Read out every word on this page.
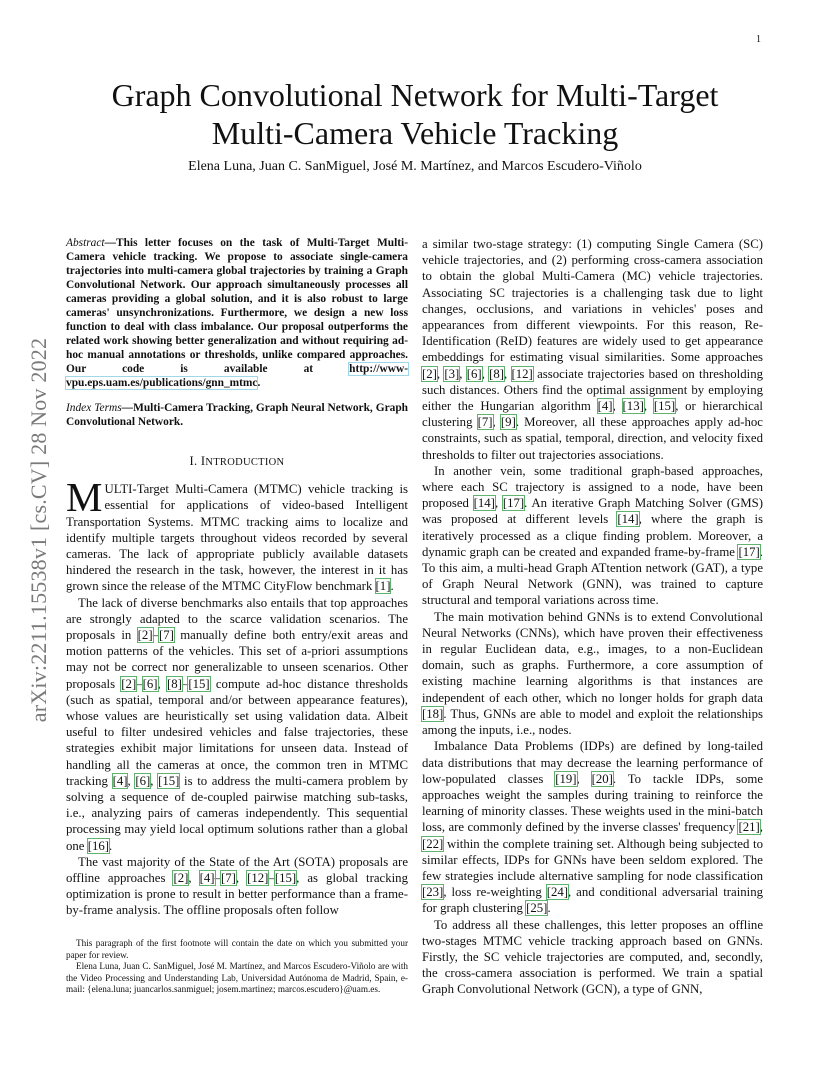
1
arXiv:2211.15538v1 [cs.CV] 28 Nov 2022
Graph Convolutional Network for Multi-Target
Multi-Camera Vehicle Tracking
Elena Luna, Juan C. SanMiguel, José M. Martínez, and Marcos Escudero-Viñolo

Abstract—This letter focuses on the task of Multi-Target Multi-Camera vehicle tracking. We propose to associate single-camera trajectories into multi-camera global trajectories by training a Graph Convolutional Network. Our approach simultaneously processes all cameras providing a global solution, and it is also robust to large cameras' unsynchronizations. Furthermore, we design a new loss function to deal with class imbalance. Our proposal outperforms the related work showing better generalization and without requiring ad-hoc manual annotations or thresholds, unlike compared approaches. Our code is available at http://www-vpu.eps.uam.es/publications/gnn_mtmc.

Index Terms—Multi-Camera Tracking, Graph Neural Network, Graph Convolutional Network.

I. INTRODUCTION

MULTI-Target Multi-Camera (MTMC) vehicle tracking is essential for applications of video-based Intelligent Transportation Systems. MTMC tracking aims to localize and identify multiple targets throughout videos recorded by several cameras. The lack of appropriate publicly available datasets hindered the research in the task, however, the interest in it has grown since the release of the MTMC CityFlow benchmark [1].

The lack of diverse benchmarks also entails that top approaches are strongly adapted to the scarce validation scenarios. The proposals in [2]–[7] manually define both entry/exit areas and motion patterns of the vehicles. This set of a-priori assumptions may not be correct nor generalizable to unseen scenarios. Other proposals [2]–[6], [8]–[15] compute ad-hoc distance thresholds (such as spatial, temporal and/or between appearance features), whose values are heuristically set using validation data. Albeit useful to filter undesired vehicles and false trajectories, these strategies exhibit major limitations for unseen data. Instead of handling all the cameras at once, the common tren in MTMC tracking [4], [6], [15] is to address the multi-camera problem by solving a sequence of de-coupled pairwise matching sub-tasks, i.e., analyzing pairs of cameras independently. This sequential processing may yield local optimum solutions rather than a global one [16].

The vast majority of the State of the Art (SOTA) proposals are offline approaches [2], [4]–[7], [12]–[15], as global tracking optimization is prone to result in better performance than a frame-by-frame analysis. The offline proposals often follow

This paragraph of the first footnote will contain the date on which you submitted your paper for review.

Elena Luna, Juan C. SanMiguel, José M. Martínez, and Marcos Escudero-Viñolo are with the Video Processing and Understanding Lab, Universidad Autónoma de Madrid, Spain, e-mail: {elena.luna; juancarlos.sanmiguel; josem.martinez; marcos.escudero}@uam.es.

a similar two-stage strategy: (1) computing Single Camera (SC) vehicle trajectories, and (2) performing cross-camera association to obtain the global Multi-Camera (MC) vehicle trajectories. Associating SC trajectories is a challenging task due to light changes, occlusions, and variations in vehicles' poses and appearances from different viewpoints. For this reason, Re-Identification (ReID) features are widely used to get appearance embeddings for estimating visual similarities. Some approaches [2], [3], [6], [8], [12] associate trajectories based on thresholding such distances. Others find the optimal assignment by employing either the Hungarian algorithm [4], [13], [15], or hierarchical clustering [7], [9]. Moreover, all these approaches apply ad-hoc constraints, such as spatial, temporal, direction, and velocity fixed thresholds to filter out trajectories associations.

In another vein, some traditional graph-based approaches, where each SC trajectory is assigned to a node, have been proposed [14], [17]. An iterative Graph Matching Solver (GMS) was proposed at different levels [14], where the graph is iteratively processed as a clique finding problem. Moreover, a dynamic graph can be created and expanded frame-by-frame [17]. To this aim, a multi-head Graph ATtention network (GAT), a type of Graph Neural Network (GNN), was trained to capture structural and temporal variations across time.

The main motivation behind GNNs is to extend Convolutional Neural Networks (CNNs), which have proven their effectiveness in regular Euclidean data, e.g., images, to a non-Euclidean domain, such as graphs. Furthermore, a core assumption of existing machine learning algorithms is that instances are independent of each other, which no longer holds for graph data [18]. Thus, GNNs are able to model and exploit the relationships among the inputs, i.e., nodes.

Imbalance Data Problems (IDPs) are defined by long-tailed data distributions that may decrease the learning performance of low-populated classes [19], [20]. To tackle IDPs, some approaches weight the samples during training to reinforce the learning of minority classes. These weights used in the mini-batch loss, are commonly defined by the inverse classes' frequency [21], [22] within the complete training set. Although being subjected to similar effects, IDPs for GNNs have been seldom explored. The few strategies include alternative sampling for node classification [23], loss re-weighting [24], and conditional adversarial training for graph clustering [25].

To address all these challenges, this letter proposes an offline two-stages MTMC vehicle tracking approach based on GNNs. Firstly, the SC vehicle trajectories are computed, and, secondly, the cross-camera association is performed. We train a spatial Graph Convolutional Network (GCN), a type of GNN,
